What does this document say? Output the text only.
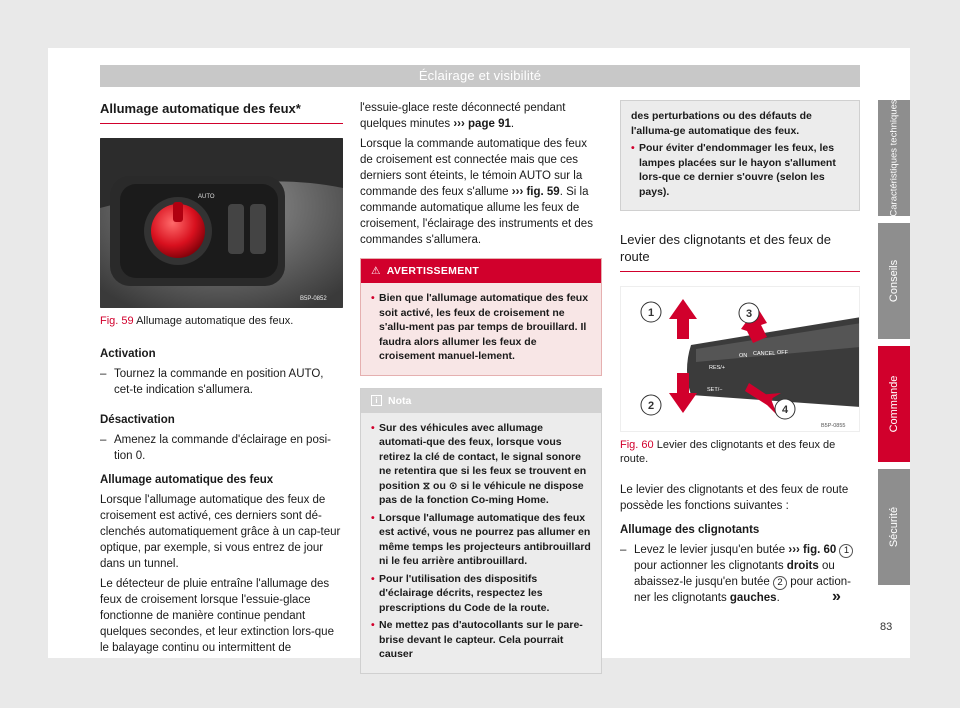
Éclairage et visibilité
Allumage automatique des feux*
AUTO
B5P-0852
Fig. 59 Allumage automatique des feux.
Activation
– Tournez la commande en position AUTO, cet-te indication s'allumera.
Désactivation
– Amenez la commande d'éclairage en posi-tion 0.
Allumage automatique des feux

Lorsque l'allumage automatique des feux de croisement est activé, ces derniers sont dé-clenchés automatiquement grâce à un cap-teur optique, par exemple, si vous entrez de jour dans un tunnel.

Le détecteur de pluie entraîne l'allumage des feux de croisement lorsque l'essuie-glace fonctionne de manière continue pendant quelques secondes, et leur extinction lors-que le balayage continu ou intermittent de

l'essuie-glace reste déconnecté pendant quelques minutes ››› page 91.

Lorsque la commande automatique des feux de croisement est connectée mais que ces derniers sont éteints, le témoin AUTO sur la commande des feux s'allume ››› fig. 59. Si la commande automatique allume les feux de croisement, l'éclairage des instruments et des commandes s'allumera.

⚠ AVERTISSEMENT
• Bien que l'allumage automatique des feux soit activé, les feux de croisement ne s'allu-ment pas par temps de brouillard. Il faudra alors allumer les feux de croisement manuel-lement.
i Nota
• Sur des véhicules avec allumage automati-que des feux, lorsque vous retirez la clé de contact, le signal sonore ne retentira que si les feux se trouvent en position ⧖ ou ⊙ si le véhicule ne dispose pas de la fonction Co-ming Home.
• Lorsque l'allumage automatique des feux est activé, vous ne pourrez pas allumer en même temps les projecteurs antibrouillard ni le feu arrière antibrouillard.
• Pour l'utilisation des dispositifs d'éclairage décrits, respectez les prescriptions du Code de la route.
• Ne mettez pas d'autocollants sur le pare-brise devant le capteur. Cela pourrait causer

des perturbations ou des défauts de l'alluma-ge automatique des feux.

• Pour éviter d'endommager les feux, les lampes placées sur le hayon s'allument lors-que ce dernier s'ouvre (selon les pays).
Levier des clignotants et des feux de route
ON CANCEL OFF
RES/+
SET/−
1
2
3
4
B5P-0855
Fig. 60 Levier des clignotants et des feux de route.

Le levier des clignotants et des feux de route possède les fonctions suivantes :

Allumage des clignotants
– Levez le levier jusqu'en butée ››› fig. 60 1 pour actionner les clignotants droits ou abaissez-le jusqu'en butée 2 pour action-ner les clignotants gauches.	»
Caractéristiques techniques
Conseils
Commande
Sécurité
83
